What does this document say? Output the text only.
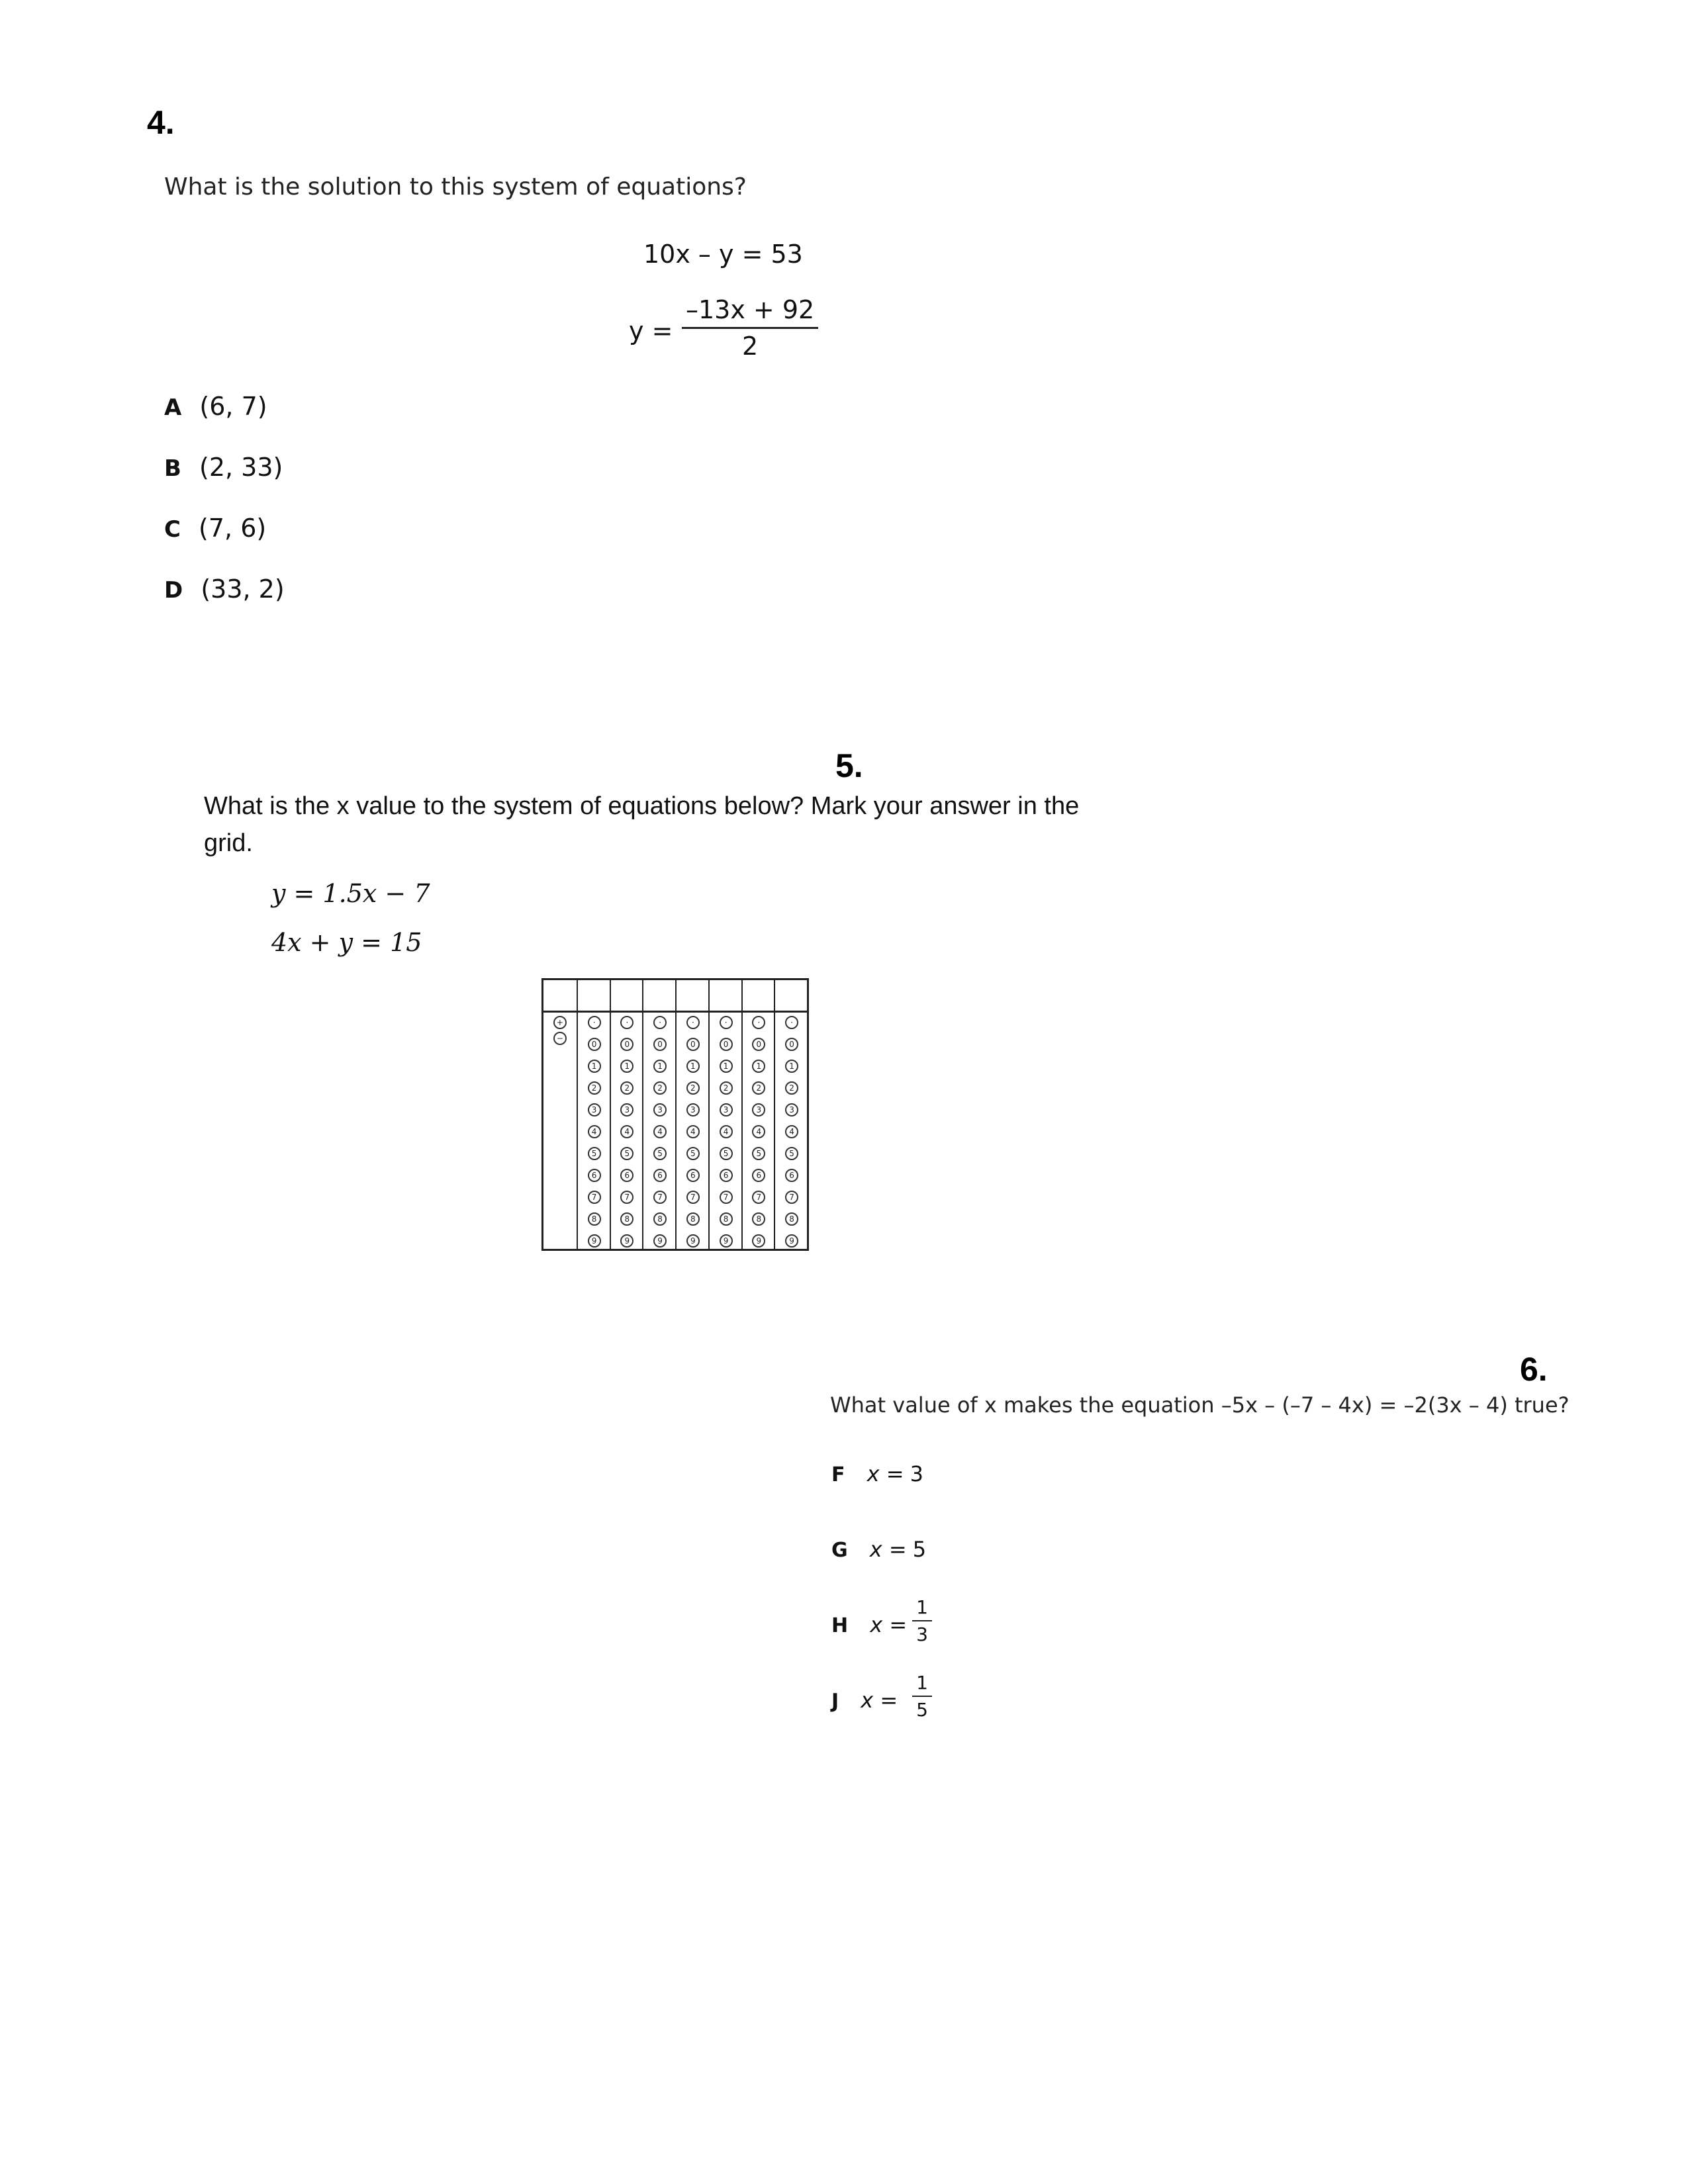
4.
What is the solution to this system of equations?
10x – y = 53
y =
–13x + 92
2
A (6, 7)
B (2, 33)
C (7, 6)
D (33, 2)
5.
What is the x value to the system of equations below? Mark your answer in the
grid.
y = 1.5x − 7
4x + y = 15
+
−
·
0
1
2
3
4
5
6
7
8
9
·
0
1
2
3
4
5
6
7
8
9
·
0
1
2
3
4
5
6
7
8
9
·
0
1
2
3
4
5
6
7
8
9
·
0
1
2
3
4
5
6
7
8
9
·
0
1
2
3
4
5
6
7
8
9
·
0
1
2
3
4
5
6
7
8
9
6.
What value of x makes the equation –5x – (–7 – 4x) = –2(3x – 4) true?
F x = 3
G x = 5
H x =
1
3
J x =
1
5
